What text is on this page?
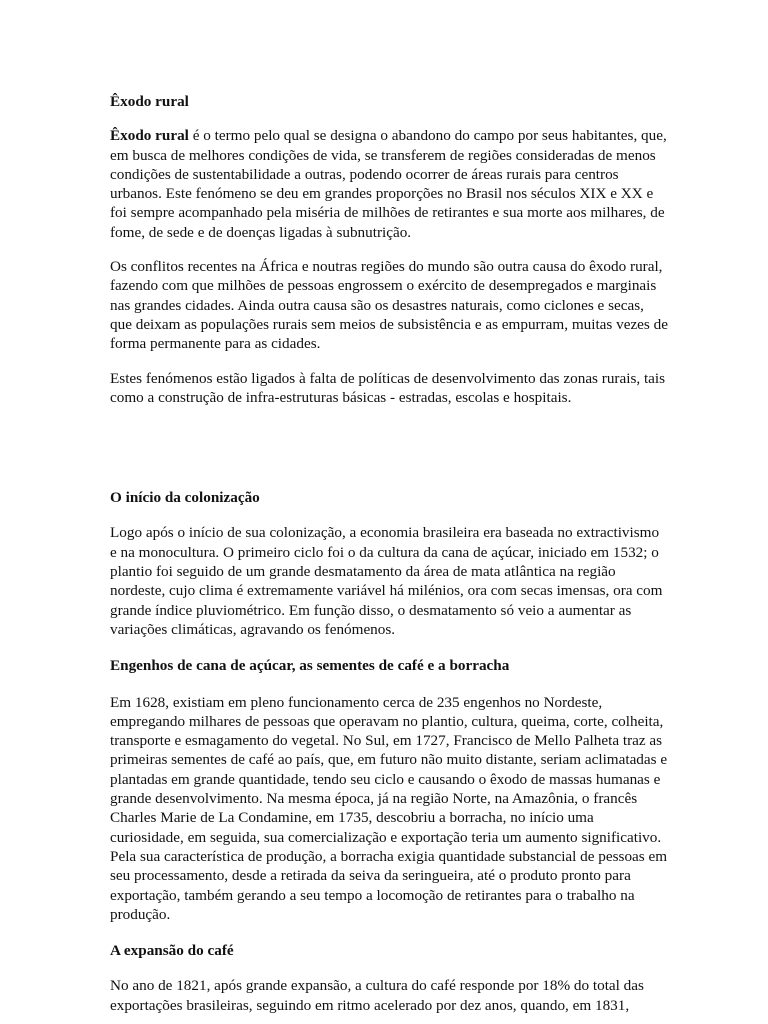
Êxodo rural

Êxodo rural é o termo pelo qual se designa o abandono do campo por seus habitantes, que, em busca de melhores condições de vida, se transferem de regiões consideradas de menos condições de sustentabilidade a outras, podendo ocorrer de áreas rurais para centros urbanos. Este fenómeno se deu em grandes proporções no Brasil nos séculos XIX e XX e foi sempre acompanhado pela miséria de milhões de retirantes e sua morte aos milhares, de fome, de sede e de doenças ligadas à subnutrição.

Os conflitos recentes na África e noutras regiões do mundo são outra causa do êxodo rural, fazendo com que milhões de pessoas engrossem o exército de desempregados e marginais nas grandes cidades. Ainda outra causa são os desastres naturais, como ciclones e secas, que deixam as populações rurais sem meios de subsistência e as empurram, muitas vezes de forma permanente para as cidades.

Estes fenómenos estão ligados à falta de políticas de desenvolvimento das zonas rurais, tais como a construção de infra-estruturas básicas - estradas, escolas e hospitais.

O início da colonização

Logo após o início de sua colonização, a economia brasileira era baseada no extractivismo e na monocultura. O primeiro ciclo foi o da cultura da cana de açúcar, iniciado em 1532; o plantio foi seguido de um grande desmatamento da área de mata atlântica na região nordeste, cujo clima é extremamente variável há milénios, ora com secas imensas, ora com grande índice pluviométrico. Em função disso, o desmatamento só veio a aumentar as variações climáticas, agravando os fenómenos.

Engenhos de cana de açúcar, as sementes de café e a borracha

Em 1628, existiam em pleno funcionamento cerca de 235 engenhos no Nordeste, empregando milhares de pessoas que operavam no plantio, cultura, queima, corte, colheita, transporte e esmagamento do vegetal. No Sul, em 1727, Francisco de Mello Palheta traz as primeiras sementes de café ao país, que, em futuro não muito distante, seriam aclimatadas e plantadas em grande quantidade, tendo seu ciclo e causando o êxodo de massas humanas e grande desenvolvimento. Na mesma época, já na região Norte, na Amazônia, o francês Charles Marie de La Condamine, em 1735, descobriu a borracha, no início uma curiosidade, em seguida, sua comercialização e exportação teria um aumento significativo. Pela sua característica de produção, a borracha exigia quantidade substancial de pessoas em seu processamento, desde a retirada da seiva da seringueira, até o produto pronto para exportação, também gerando a seu tempo a locomoção de retirantes para o trabalho na produção.

A expansão do café

No ano de 1821, após grande expansão, a cultura do café responde por 18% do total das exportações brasileiras, seguindo em ritmo acelerado por dez anos, quando, em 1831,
